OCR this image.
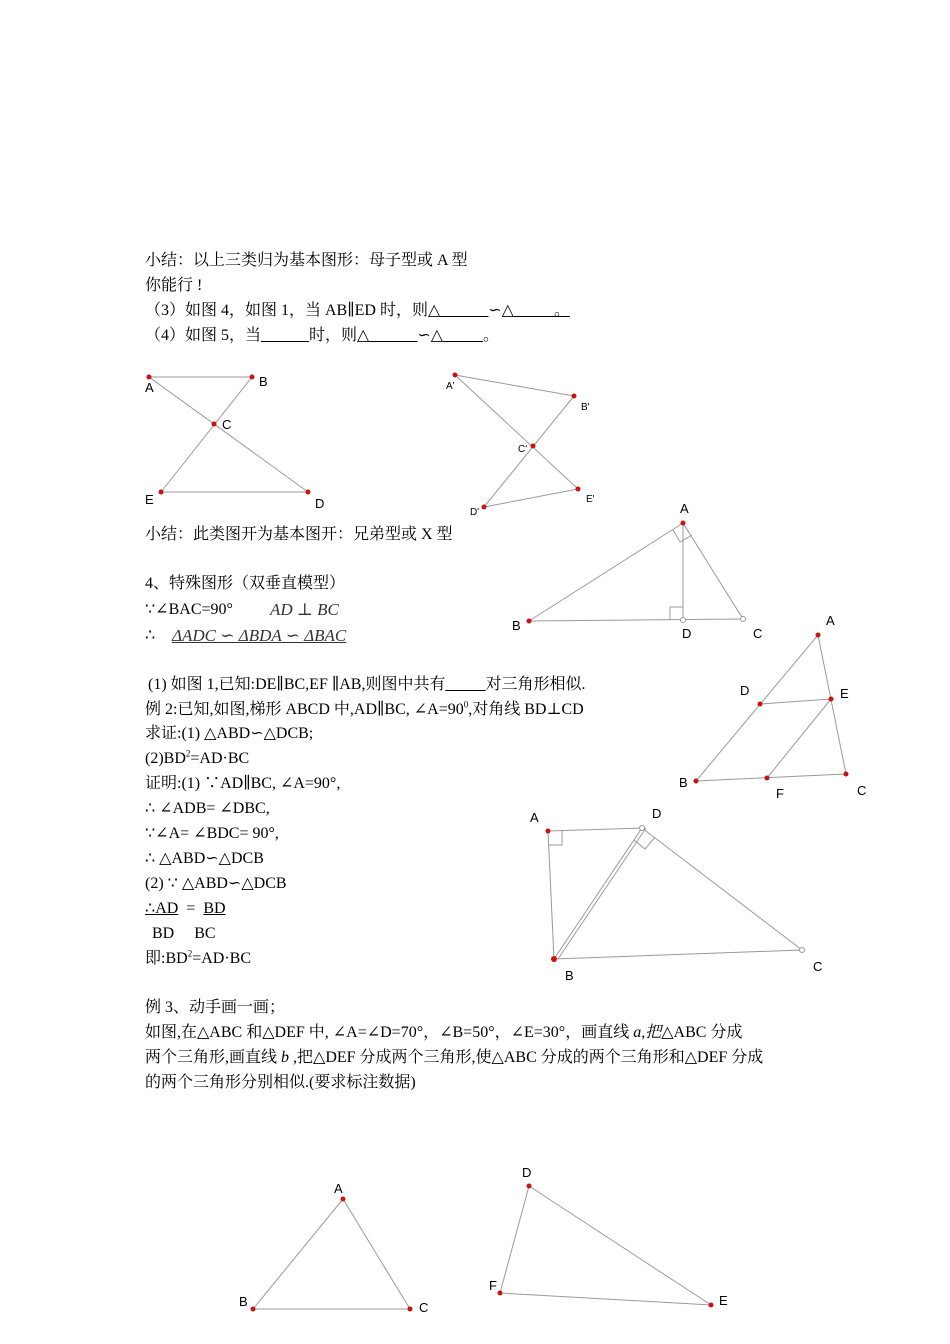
小结：以上三类归为基本图形：母子型或 A 型
你能行 !
（3）如图 4，如图 1，当 AB∥ED 时，则△______∽△_____。
（4）如图 5，当______时，则△______∽△_____。
小结：此类图开为基本图开：兄弟型或 X 型
4、特殊图形（双垂直模型）
∵∠BAC=90° AD ⊥ BC
∴ ΔADC ∽ ΔBDA ∽ ΔBAC
(1) 如图 1,已知:DE∥BC,EF ∥AB,则图中共有_____对三角形相似.
例 2:已知,如图,梯形 ABCD 中,AD∥BC, $\angle A=90^0$,对角线 BD⊥CD
求证:(1) △ABD∽△DCB;
$(2)BD^2=AD\cdot BC$
证明:(1) ∵AD∥BC, ∠A=90°,
∴ ∠ADB= ∠DBC,
∵∠A= ∠BDC= 90°,
∴ △ABD∽△DCB
(2) ∵ △ABD∽△DCB
∴AD = BD
BD BC
即$:BD^2=AD\cdot BC$
例 3、动手画一画；
如图,在△ABC 和△DEF 中, ∠A=∠D=70°，∠B=50°，∠E=30°，画直线 a,把△ABC 分成
两个三角形,画直线 b ,把△DEF 分成两个三角形,使△ABC 分成的两个三角形和△DEF 分成
的两个三角形分别相似.(要求标注数据)
A	B
C
E	D
A'
B'
C'
D'
E'
A
B
D	C
A
D	E
B
F	C
A	D
B
C
A
B	C
D
F
E
